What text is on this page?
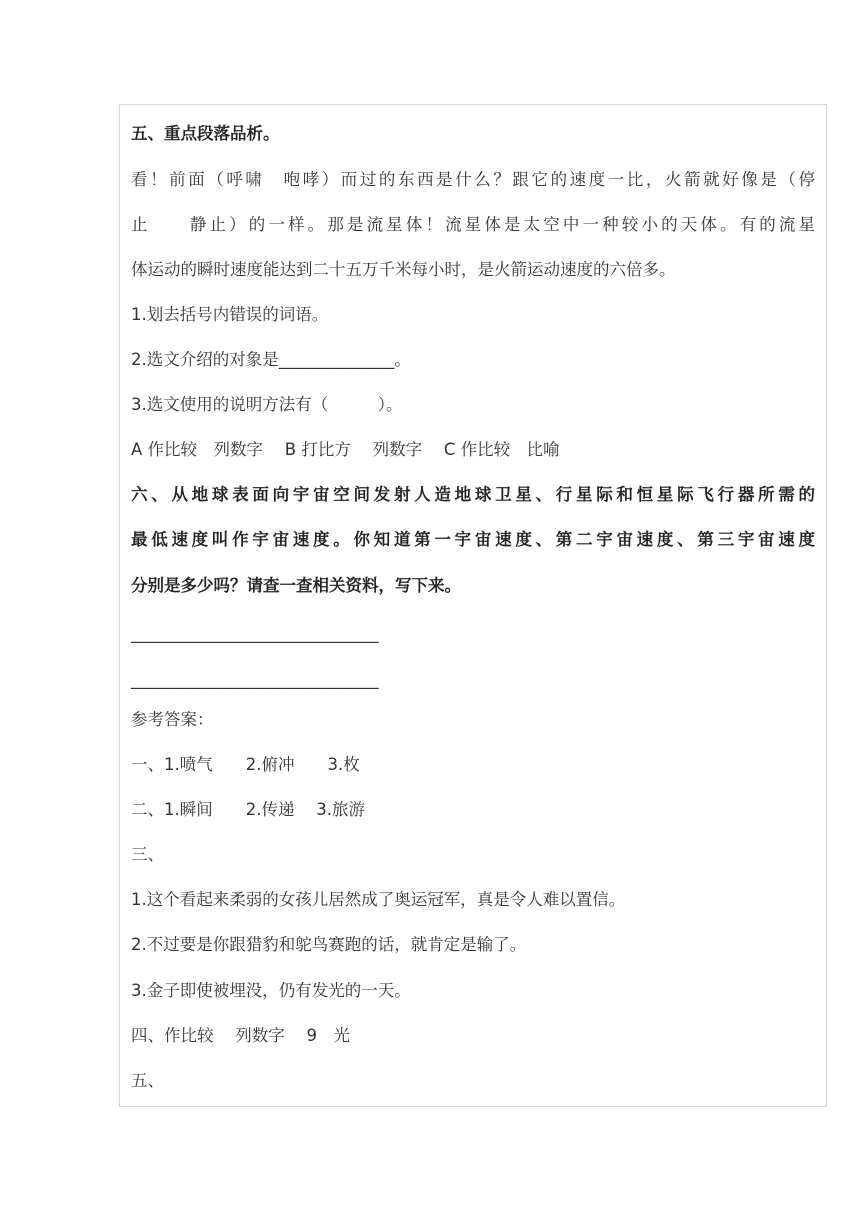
五、重点段落品析。

看！前面（呼啸　咆哮）而过的东西是什么？跟它的速度一比，火箭就好像是（停

止　　静止）的一样。那是流星体！流星体是太空中一种较小的天体。有的流星

体运动的瞬时速度能达到二十五万千米每小时，是火箭运动速度的六倍多。

1.划去括号内错误的词语。

2.选文介绍的对象是______________。

3.选文使用的说明方法有（　　　）。

A 作比较　列数字　 B 打比方　 列数字　 C 作比较　比喻

六、从地球表面向宇宙空间发射人造地球卫星、行星际和恒星际飞行器所需的

最低速度叫作宇宙速度。你知道第一宇宙速度、第二宇宙速度、第三宇宙速度

分别是多少吗？请查一查相关资料，写下来。

______________________________

______________________________

参考答案：

一、1.喷气　　2.俯冲　　3.枚

二、1.瞬间　　2.传递　 3.旅游

三、

1.这个看起来柔弱的女孩儿居然成了奥运冠军，真是令人难以置信。

2.不过要是你跟猎豹和鸵鸟赛跑的话，就肯定是输了。

3.金子即使被埋没，仍有发光的一天。

四、作比较　 列数字　 9　光

五、
